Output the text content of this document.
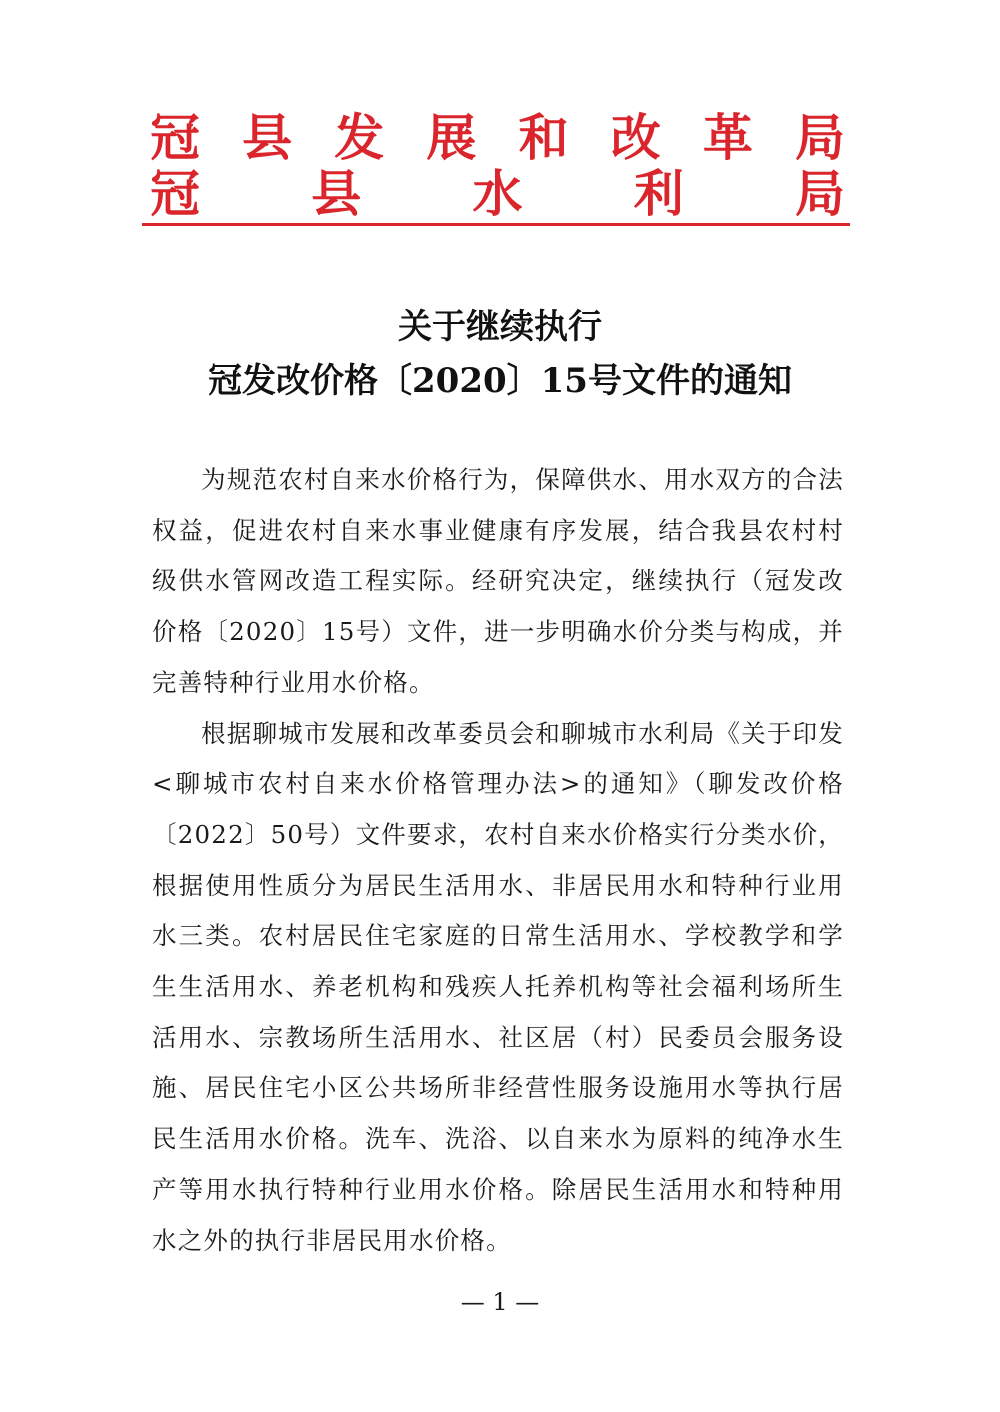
冠 县 发 展 和 改 革 局
冠 县 水 利 局
关于继续执行
冠发改价格〔2020〕15号文件的通知

为规范农村自来水价格行为，保障供水、用水双方的合法权益，促进农村自来水事业健康有序发展，结合我县农村村级供水管网改造工程实际。经研究决定，继续执行（冠发改价格〔2020〕15号）文件，进一步明确水价分类与构成，并完善特种行业用水价格。

根据聊城市发展和改革委员会和聊城市水利局《关于印发<聊城市农村自来水价格管理办法>的通知》（聊发改价格〔2022〕50号）文件要求，农村自来水价格实行分类水价，根据使用性质分为居民生活用水、非居民用水和特种行业用水三类。农村居民住宅家庭的日常生活用水、学校教学和学生生活用水、养老机构和残疾人托养机构等社会福利场所生活用水、宗教场所生活用水、社区居（村）民委员会服务设施、居民住宅小区公共场所非经营性服务设施用水等执行居民生活用水价格。洗车、洗浴、以自来水为原料的纯净水生产等用水执行特种行业用水价格。除居民生活用水和特种用水之外的执行非居民用水价格。

— 1 —
